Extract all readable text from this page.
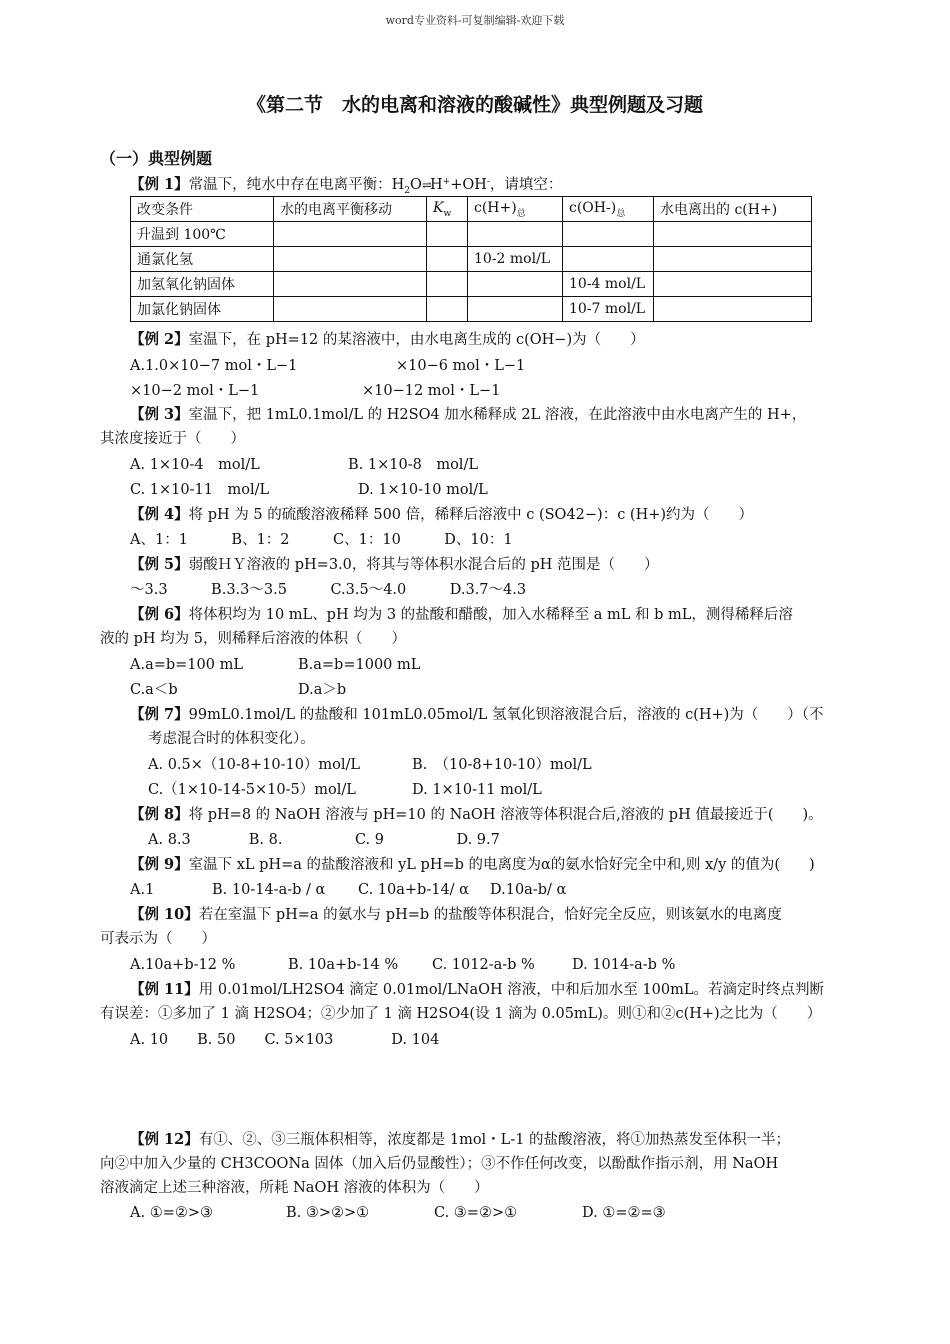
word专业资料-可复制编辑-欢迎下载
《第二节　水的电离和溶液的酸碱性》典型例题及习题
（一）典型例题
【例 1】常温下，纯水中存在电离平衡：$H_2O\rightleftharpoons H^++OH^-$，请填空：
改变条件	水的电离平衡移动	$K_w$	$c(H+)_总$	$c(OH-)_总$	水电离出的 c(H+)
升温到 100℃					
通氯化氢			10-2 mol/L		
加氢氧化钠固体				10-4 mol/L	
加氯化钠固体				10-7 mol/L	
【例 2】室温下，在 pH=12 的某溶液中，由水电离生成的 c(OH−)为（　　）
A.1.0×10−7 mol・L−1	×10−6 mol・L−1
×10−2 mol・L−1	×10−12 mol・L−1
【例 3】室温下，把 1mL0.1mol/L 的 H2SO4 加水稀释成 2L 溶液，在此溶液中由水电离产生的 H+，
其浓度接近于（　　）
A. 1×10-4　mol/L	B. 1×10-8　mol/L
C. 1×10-11　mol/L	D. 1×10-10 mol/L
【例 4】将 pH 为 5 的硫酸溶液稀释 500 倍，稀释后溶液中 c (SO42−)：c (H+)约为（　　）
A、1：1　　　B、1：2　　　C、1：10　　　D、10：1
【例 5】弱酸ＨＹ溶液的 pH=3.0，将其与等体积水混合后的 pH 范围是（　　）
～3.3　　　B.3.3～3.5　　　C.3.5～4.0　　　D.3.7～4.3
【例 6】将体积均为 10 mL、pH 均为 3 的盐酸和醋酸，加入水稀释至 a mL 和 b mL，测得稀释后溶
液的 pH 均为 5，则稀释后溶液的体积（　　）
A.a=b=100 mL	B.a=b=1000 mL
C.a＜b	D.a＞b
【例 7】99mL0.1mol/L 的盐酸和 101mL0.05mol/L 氢氧化钡溶液混合后，溶液的 c(H+)为（　　）（不
考虑混合时的体积变化）。
A. 0.5×（10-8+10-10）mol/L	B.　（10-8+10-10）mol/L
C.（1×10-14-5×10-5）mol/L	D. 1×10-11 mol/L
【例 8】将 pH=8 的 NaOH 溶液与 pH=10 的 NaOH 溶液等体积混合后,溶液的 pH 值最接近于(　　)。
A. 8.3　　　　B. 8.　　　　　C. 9　　　　　D. 9.7
【例 9】室温下 xL pH=a 的盐酸溶液和 yL pH=b 的电离度为α的氨水恰好完全中和,则 x/y 的值为(　　)
A.1	B. 10-14-a-b / α C. 10a+b-14/ α D.10a-b/ α
【例 10】若在室温下 pH=a 的氨水与 pH=b 的盐酸等体积混合，恰好完全反应，则该氨水的电离度
可表示为（　　）
A.10a+b-12 %	B. 10a+b-14 % C. 1012-a-b %	D. 1014-a-b %
【例 11】用 0.01mol/LH2SO4 滴定 0.01mol/LNaOH 溶液，中和后加水至 100mL。若滴定时终点判断
有误差：①多加了 1 滴 H2SO4；②少加了 1 滴 H2SO4(设 1 滴为 0.05mL)。则①和②c(H+)之比为（　　）
A. 10　　B. 50　　C. 5×103　　　　D. 104
【例 12】有①、②、③三瓶体积相等，浓度都是 1mol・L-1 的盐酸溶液，将①加热蒸发至体积一半；
向②中加入少量的 CH3COONa 固体（加入后仍显酸性）；③不作任何改变，以酚酞作指示剂，用 NaOH
溶液滴定上述三种溶液，所耗 NaOH 溶液的体积为（　　）
A. ①=②>③	B. ③>②>①	C. ③=②>①	D. ①=②=③
